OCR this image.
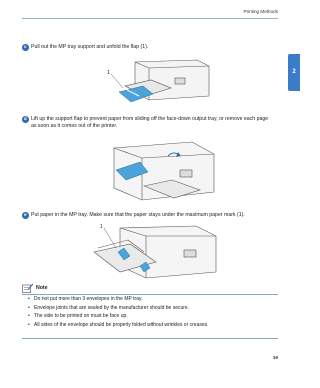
Printing Methods
2
c Pull out the MP tray support and unfold the flap (1).
1
d Lift up the support flap to prevent paper from sliding off the face-down output tray, or remove each page
as soon as it comes out of the printer.
e Put paper in the MP tray. Make sure that the paper stays under the maximum paper mark (1).
1
Note
• Do not put more than 3 envelopes in the MP tray.
• Envelope joints that are sealed by the manufacturer should be secure.
• The side to be printed on must be face up.
• All sides of the envelope should be properly folded without wrinkles or creases.
19
